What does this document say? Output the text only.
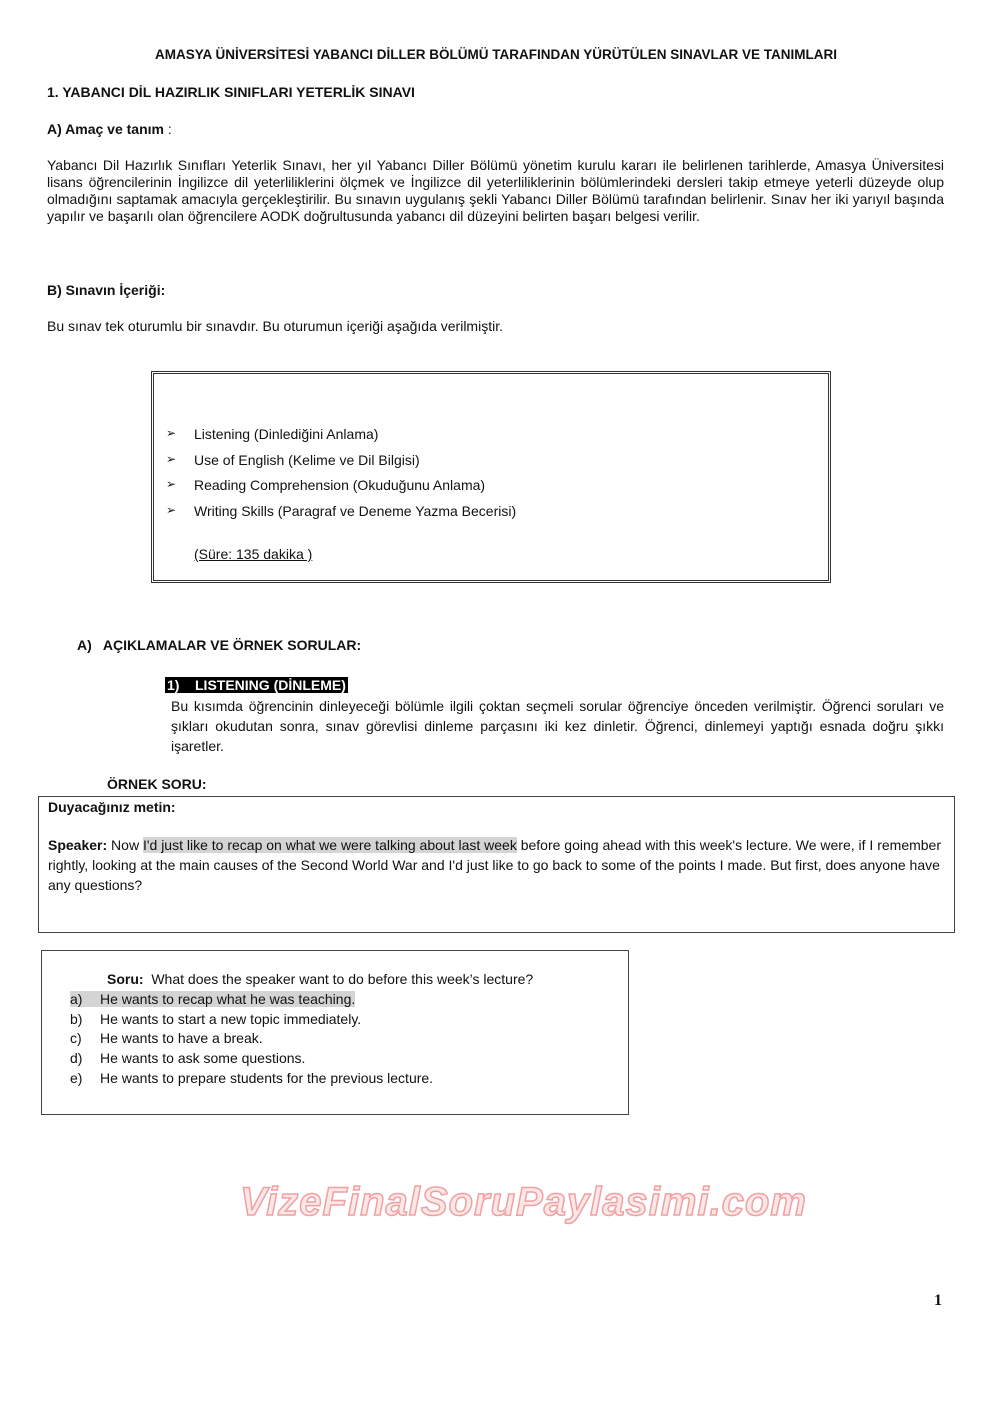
AMASYA ÜNİVERSİTESİ YABANCI DİLLER BÖLÜMÜ TARAFINDAN YÜRÜTÜLEN SINAVLAR VE TANIMLARI
1. YABANCI DİL HAZIRLIK SINIFLARI YETERLİK SINAVI
A) Amaç ve tanım :
Yabancı Dil Hazırlık Sınıfları Yeterlik Sınavı, her yıl Yabancı Diller Bölümü yönetim kurulu kararı ile belirlenen tarihlerde, Amasya Üniversitesi lisans öğrencilerinin İngilizce dil yeterliliklerini ölçmek ve İngilizce dil yeterliliklerinin bölümlerindeki dersleri takip etmeye yeterli düzeyde olup olmadığını saptamak amacıyla gerçekleştirilir. Bu sınavın uygulanış şekli Yabancı Diller Bölümü tarafından belirlenir. Sınav her iki yarıyıl başında yapılır ve başarılı olan öğrencilere AODK doğrultusunda yabancı dil düzeyini belirten başarı belgesi verilir.
B) Sınavın İçeriği:
Bu sınav tek oturumlu bir sınavdır. Bu oturumun içeriği aşağıda verilmiştir.
➢ Listening (Dinlediğini Anlama)
➢ Use of English (Kelime ve Dil Bilgisi)
➢ Reading Comprehension (Okuduğunu Anlama)
➢ Writing Skills (Paragraf ve Deneme Yazma Becerisi)
(Süre: 135 dakika )
A)   AÇIKLAMALAR VE ÖRNEK SORULAR:
1)    LISTENING (DİNLEME)
Bu kısımda öğrencinin dinleyeceği bölümle ilgili çoktan seçmeli sorular öğrenciye önceden verilmiştir. Öğrenci soruları ve şıkları okudutan sonra, sınav görevlisi dinleme parçasını iki kez dinletir. Öğrenci, dinlemeyi yaptığı esnada doğru şıkkı işaretler.
ÖRNEK SORU:
Duyacağınız metin:
Speaker: Now I'd just like to recap on what we were talking about last week before going ahead with this week's lecture. We were, if I remember rightly, looking at the main causes of the Second World War and I'd just like to go back to some of the points I made. But first, does anyone have any questions?
Soru:  What does the speaker want to do before this week’s lecture?
a) He wants to recap what he was teaching.
b) He wants to start a new topic immediately.
c) He wants to have a break.
d) He wants to ask some questions.
e) He wants to prepare students for the previous lecture.
1
VizeFinalSoruPaylasimi.com
